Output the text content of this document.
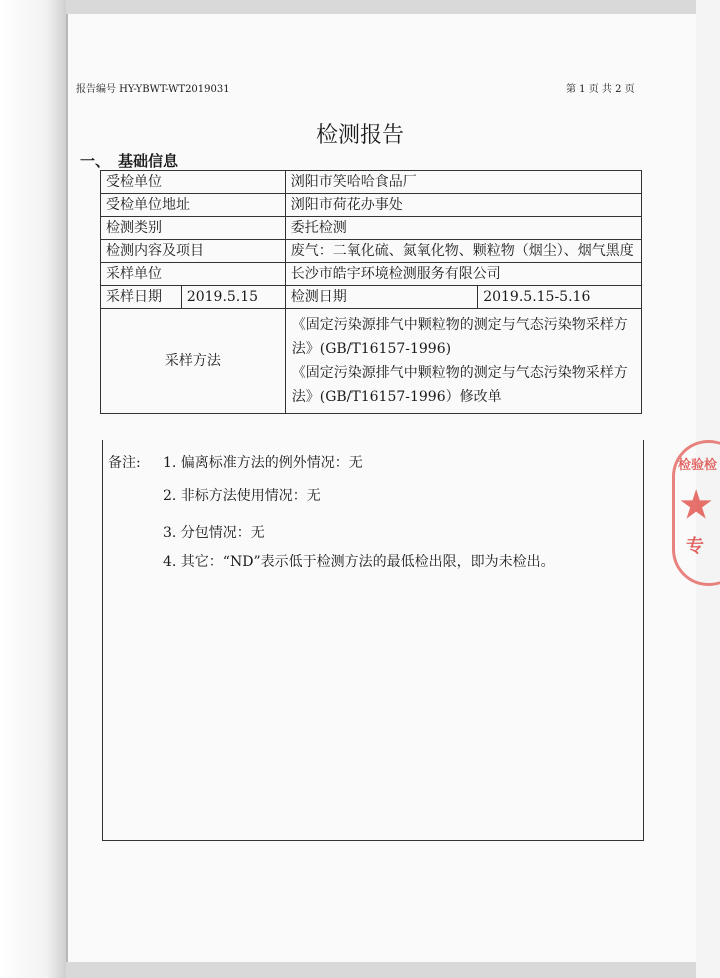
报告编号 HY-YBWT-WT2019031	第 1 页 共 2 页
检测报告
一、 基础信息
受检单位		浏阳市笑哈哈食品厂	
受检单位地址		浏阳市荷花办事处	
检测类别		委托检测	
检测内容及项目		废气：二氧化硫、氮氧化物、颗粒物（烟尘）、烟气黑度	
采样单位		长沙市皓宇环境检测服务有限公司	
采样日期	2019.5.15	检测日期	2019.5.15-5.16
采样方法		《固定污染源排气中颗粒物的测定与气态污染物采样方法》(GB/T16157-1996)
《固定污染源排气中颗粒物的测定与气态污染物采样方法》(GB/T16157-1996）修改单	
备注: 1. 偏离标准方法的例外情况：无
2. 非标方法使用情况：无
3. 分包情况：无
4. 其它：“ND”表示低于检测方法的最低检出限，即为未检出。
检验检
★
专
